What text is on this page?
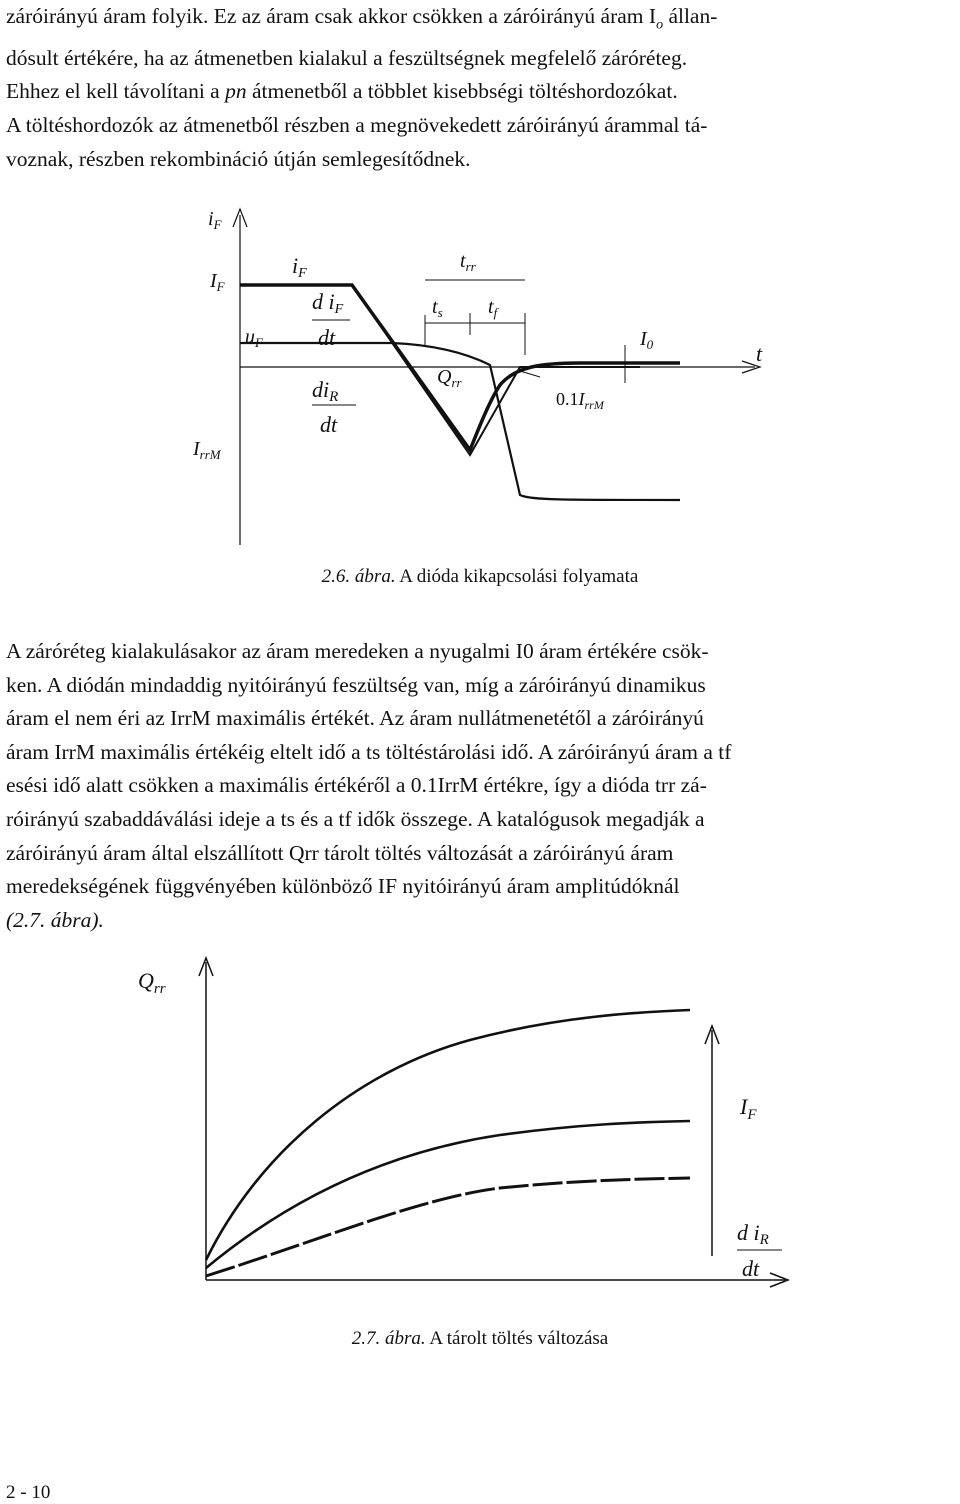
záróirányú áram folyik. Ez az áram csak akkor csökken a záróirányú áram $I_o$ állan-
dósult értékére, ha az átmenetben kialakul a feszültségnek megfelelő záróréteg.
Ehhez el kell távolítani a pn átmenetből a többlet kisebbségi töltéshordozókat.
A töltéshordozók az átmenetből részben a megnövekedett záróirányú árammal tá-
voznak, részben rekombináció útján semlegesítődnek.
$i_F$
$I_F$
iF
$u_F$
d iF
dt
diR
dt
$I_{rrM}$
$t_{rr}$
$t_s$ $t_f$
$Q_{rr}$
$I_0$
$0.1I_{rrM}$
t
2.6. ábra. A dióda kikapcsolási folyamata
A záróréteg kialakulásakor az áram meredeken a nyugalmi I0 áram értékére csök-
ken. A diódán mindaddig nyitóirányú feszültség van, míg a záróirányú dinamikus
áram el nem éri az IrrM maximális értékét. Az áram nullátmenetétől a záróirányú
áram IrrM maximális értékéig eltelt idő a ts töltéstárolási idő. A záróirányú áram a tf
esési idő alatt csökken a maximális értékéről a 0.1IrrM értékre, így a dióda trr zá-
róirányú szabaddáválási ideje a ts és a tf idők összege. A katalógusok megadják a
záróirányú áram által elszállított Qrr tárolt töltés változását a záróirányú áram
meredekségének függvényében különböző IF nyitóirányú áram amplitúdóknál
(2.7. ábra).
$Q_{rr}$
$I_F$
d iR
dt
2.7. ábra. A tárolt töltés változása
2 - 10
